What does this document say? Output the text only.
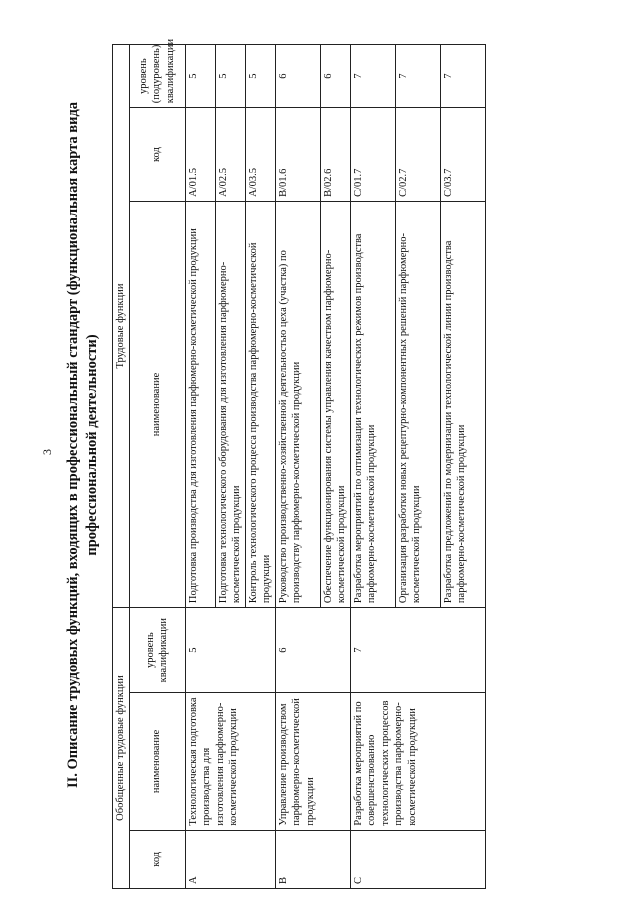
3 II. Описание трудовых функций, входящих в профессиональный стандарт (функциональная карта вида профессиональной деятельности)
Обобщенные трудовые функции			Трудовые функции		
код	наименование	уровень квалификации	наименование	код	уровень (подуровень) квалификации
A	Технологическая подготовка производства для изготовления парфюмерно-косметической продукции	5	Подготовка производства для изготовления парфюмерно-косметической продукции	A/01.5	5
			Подготовка технологического оборудования для изготовления парфюмерно-косметической продукции	A/02.5	5
			Контроль технологического процесса производства парфюмерно-косметической продукции	A/03.5	5
B	Управление производством парфюмерно-косметической продукции	6	Руководство производственно-хозяйственной деятельностью цеха (участка) по производству парфюмерно-косметической продукции	B/01.6	6
			Обеспечение функционирования системы управления качеством парфюмерно-косметической продукции	B/02.6	6
C	Разработка мероприятий по совершенствованию технологических процессов производства парфюмерно-косметической продукции	7	Разработка мероприятий по оптимизации технологических режимов производства парфюмерно-косметической продукции	C/01.7	7
			Организация разработки новых рецептурно-компонентных решений парфюмерно-косметической продукции	C/02.7	7
			Разработка предложений по модернизации технологической линии производства парфюмерно-косметической продукции	C/03.7	7
